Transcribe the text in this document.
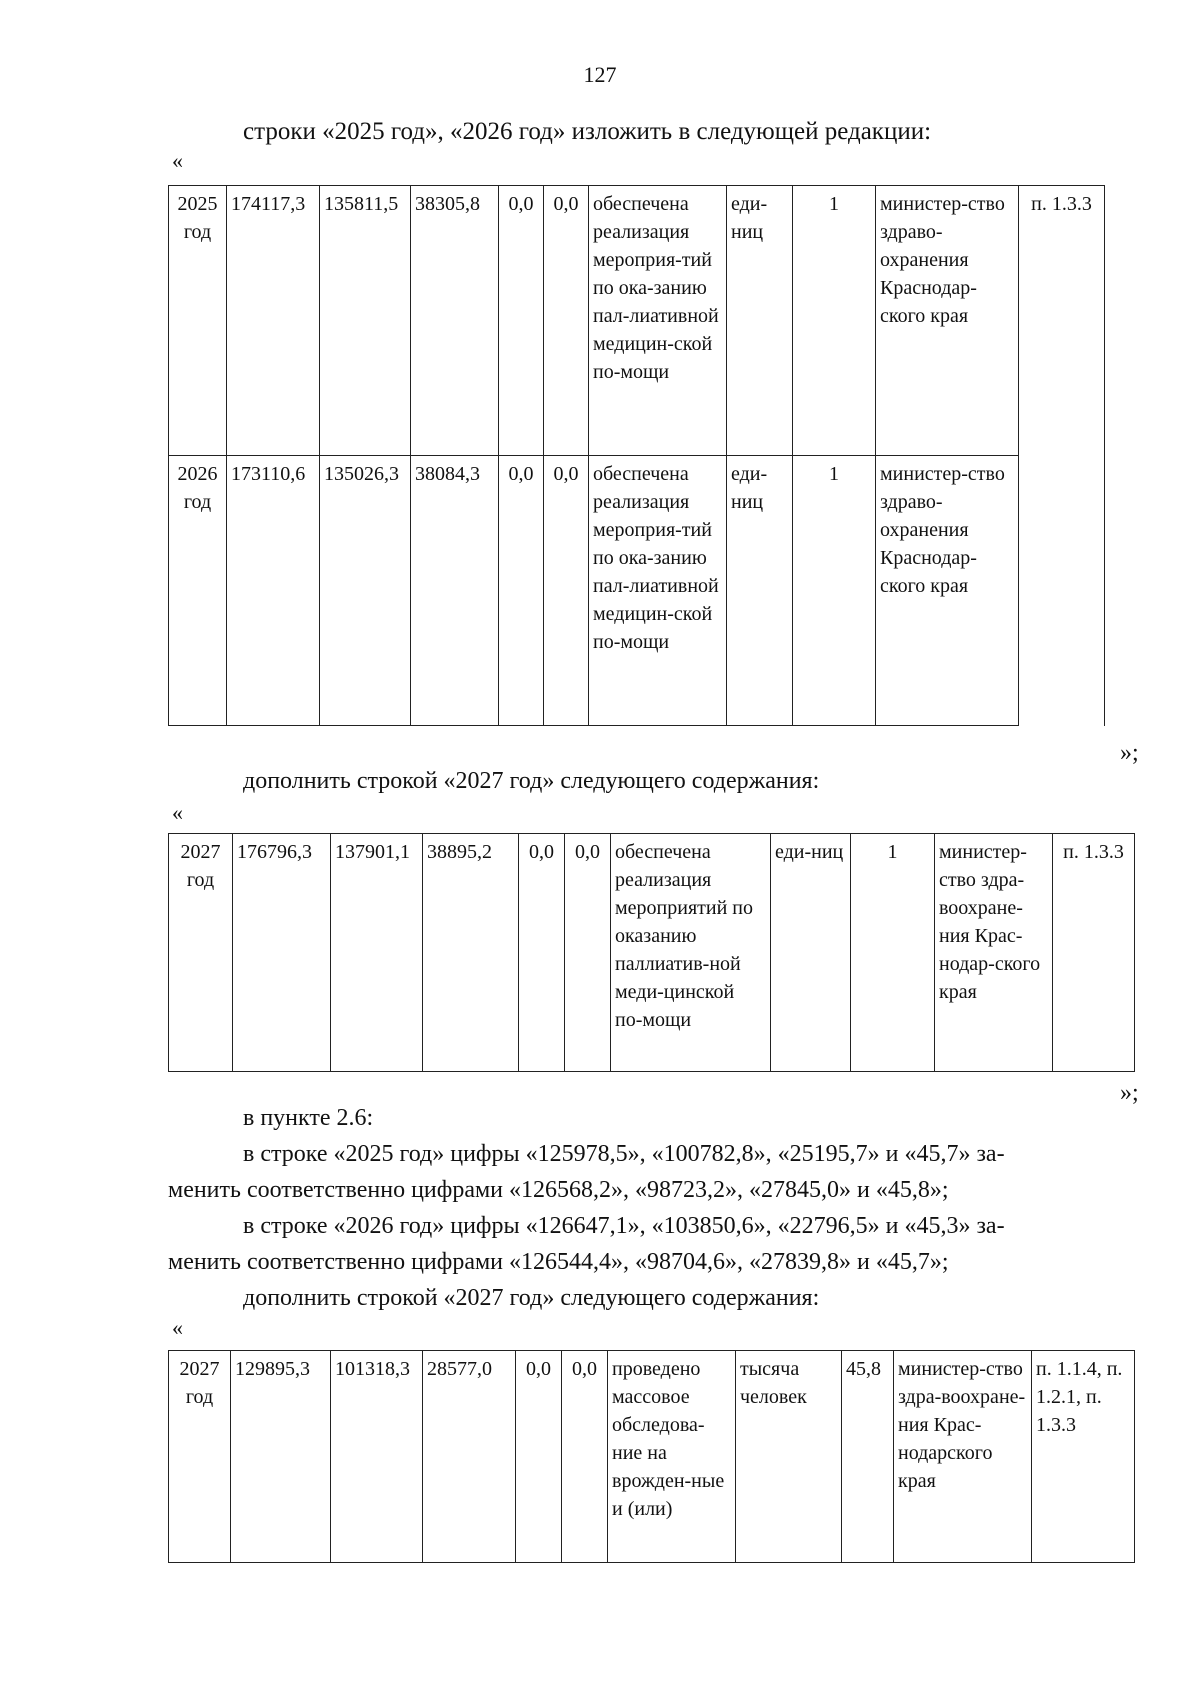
127
строки «2025 год», «2026 год» изложить в следующей редакции:
«
2025 год	174117,3	135811,5	38305,8	0,0	0,0	обеспечена реализация мероприя-тий по ока-занию пал-лиативной медицин-ской по-мощи	еди-ниц	1	министер-ство здраво-охранения Краснодар-ского края	п. 1.3.3
2026 год	173110,6	135026,3	38084,3	0,0	0,0	обеспечена реализация мероприя-тий по ока-занию пал-лиативной медицин-ской по-мощи	еди-ниц	1	министер-ство здраво-охранения Краснодар-ского края	
»;
дополнить строкой «2027 год» следующего содержания:
«
2027 год	176796,3	137901,1	38895,2	0,0	0,0	обеспечена реализация мероприятий по оказанию паллиатив-ной меди-цинской по-мощи	еди-ниц	1	министер-ство здра-воохране-ния Крас-нодар-ского края	п. 1.3.3
»;
в пункте 2.6:
в строке «2025 год» цифры «125978,5», «100782,8», «25195,7» и «45,7» за-
менить соответственно цифрами «126568,2», «98723,2», «27845,0» и «45,8»;
в строке «2026 год» цифры «126647,1», «103850,6», «22796,5» и «45,3» за-
менить соответственно цифрами «126544,4», «98704,6», «27839,8» и «45,7»;
дополнить строкой «2027 год» следующего содержания:
«
2027 год	129895,3	101318,3	28577,0	0,0	0,0	проведено массовое обследова-ние на врожден-ные и (или)	тысяча человек	45,8	министер-ство здра-воохране-ния Крас-нодарского края	п. 1.1.4, п. 1.2.1, п. 1.3.3
